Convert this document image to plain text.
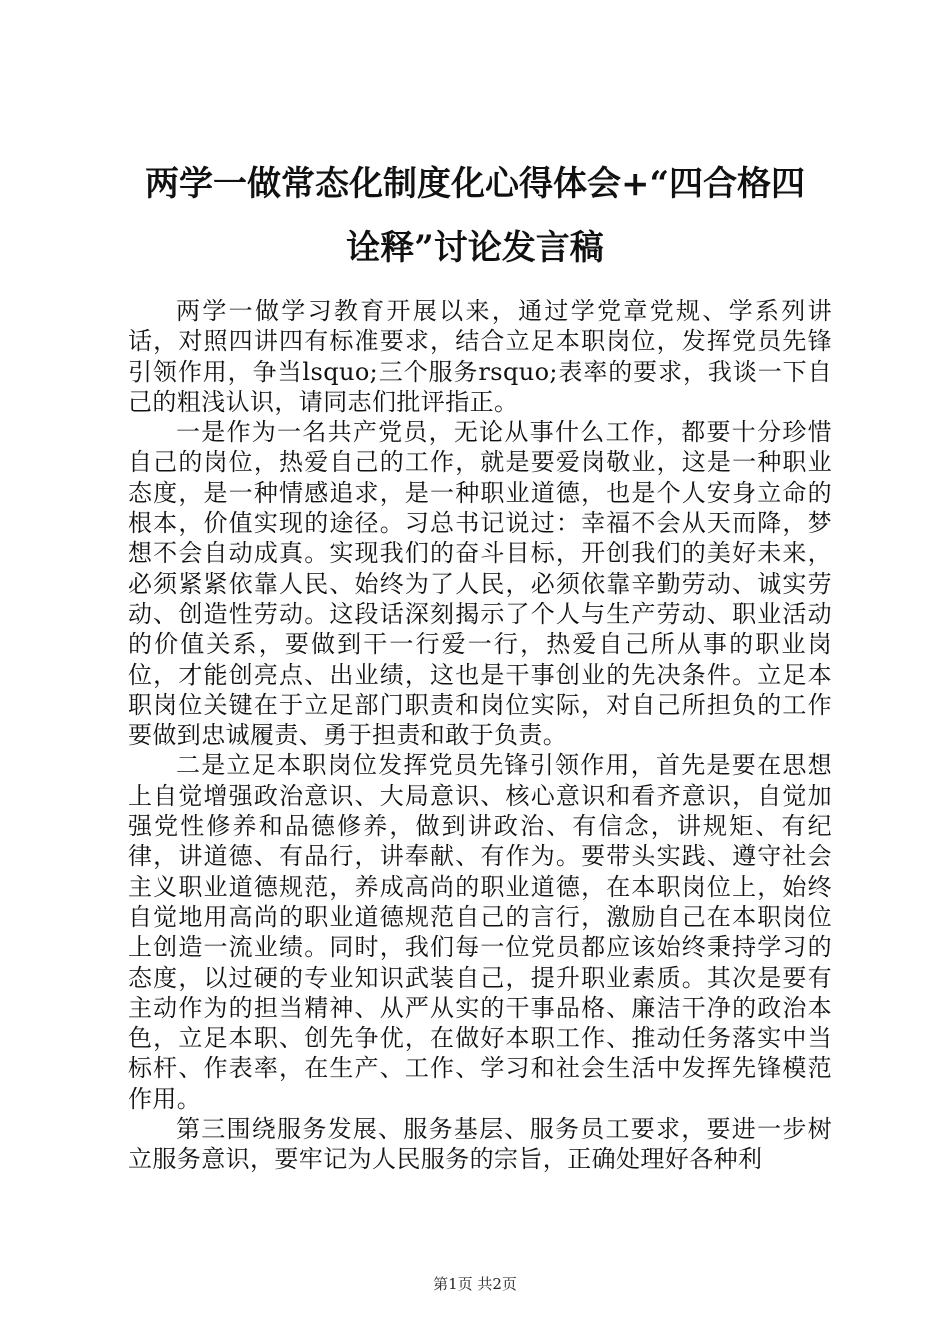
两学一做常态化制度化心得体会+“四合格四
诠释”讨论发言稿

两学一做学习教育开展以来，通过学党章党规、学系列讲话，对照四讲四有标准要求，结合立足本职岗位，发挥党员先锋引领作用，争当lsquo;三个服务rsquo;表率的要求，我谈一下自己的粗浅认识，请同志们批评指正。

一是作为一名共产党员，无论从事什么工作，都要十分珍惜自己的岗位，热爱自己的工作，就是要爱岗敬业，这是一种职业态度，是一种情感追求，是一种职业道德，也是个人安身立命的根本，价值实现的途径。习总书记说过：幸福不会从天而降，梦想不会自动成真。实现我们的奋斗目标，开创我们的美好未来，必须紧紧依靠人民、始终为了人民，必须依靠辛勤劳动、诚实劳动、创造性劳动。这段话深刻揭示了个人与生产劳动、职业活动的价值关系，要做到干一行爱一行，热爱自己所从事的职业岗位，才能创亮点、出业绩，这也是干事创业的先决条件。立足本职岗位关键在于立足部门职责和岗位实际，对自己所担负的工作要做到忠诚履责、勇于担责和敢于负责。

二是立足本职岗位发挥党员先锋引领作用，首先是要在思想上自觉增强政治意识、大局意识、核心意识和看齐意识，自觉加强党性修养和品德修养，做到讲政治、有信念，讲规矩、有纪律，讲道德、有品行，讲奉献、有作为。要带头实践、遵守社会主义职业道德规范，养成高尚的职业道德，在本职岗位上，始终自觉地用高尚的职业道德规范自己的言行，激励自己在本职岗位上创造一流业绩。同时，我们每一位党员都应该始终秉持学习的态度，以过硬的专业知识武装自己，提升职业素质。其次是要有主动作为的担当精神、从严从实的干事品格、廉洁干净的政治本色，立足本职、创先争优，在做好本职工作、推动任务落实中当标杆、作表率，在生产、工作、学习和社会生活中发挥先锋模范作用。

第三围绕服务发展、服务基层、服务员工要求，要进一步树立服务意识，要牢记为人民服务的宗旨，正确处理好各种利

第1页 共2页
